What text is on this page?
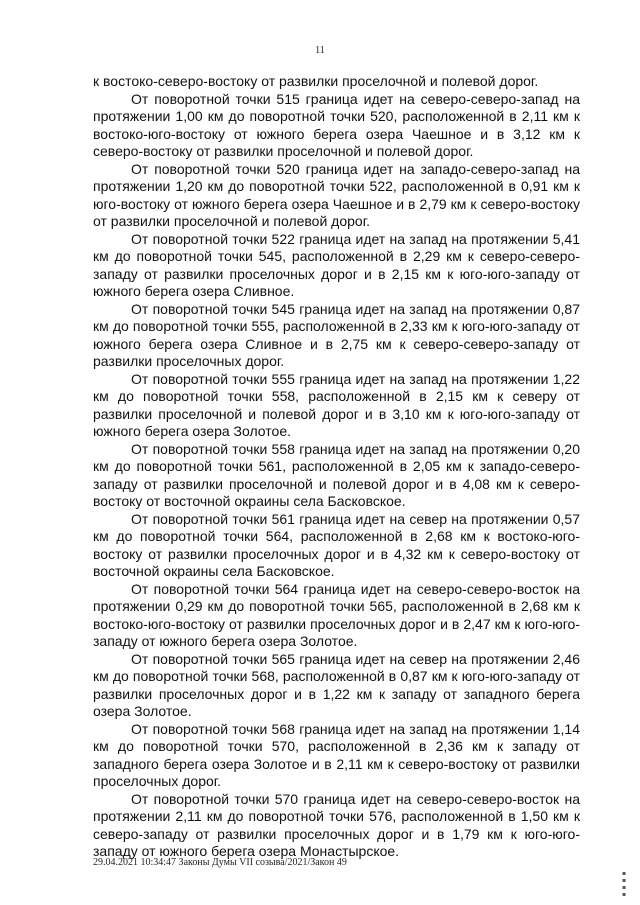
11

к востоко-северо-востоку от развилки проселочной и полевой дорог.

От поворотной точки 515 граница идет на северо-северо-запад на протяжении 1,00 км до поворотной точки 520, расположенной в 2,11 км к востоко-юго-востоку от южного берега озера Чаешное и в 3,12 км к северо-востоку от развилки проселочной и полевой дорог.

От поворотной точки 520 граница идет на западо-северо-запад на протяжении 1,20 км до поворотной точки 522, расположенной в 0,91 км к юго-востоку от южного берега озера Чаешное и в 2,79 км к северо-востоку от развилки проселочной и полевой дорог.

От поворотной точки 522 граница идет на запад на протяжении 5,41 км до поворотной точки 545, расположенной в 2,29 км к северо-северо-западу от развилки проселочных дорог и в 2,15 км к юго-юго-западу от южного берега озера Сливное.

От поворотной точки 545 граница идет на запад на протяжении 0,87 км до поворотной точки 555, расположенной в 2,33 км к юго-юго-западу от южного берега озера Сливное и в 2,75 км к северо-северо-западу от развилки проселочных дорог.

От поворотной точки 555 граница идет на запад на протяжении 1,22 км до поворотной точки 558, расположенной в 2,15 км к северу от развилки проселочной и полевой дорог и в 3,10 км к юго-юго-западу от южного берега озера Золотое.

От поворотной точки 558 граница идет на запад на протяжении 0,20 км до поворотной точки 561, расположенной в 2,05 км к западо-северо-западу от развилки проселочной и полевой дорог и в 4,08 км к северо-востоку от восточной окраины села Басковское.

От поворотной точки 561 граница идет на север на протяжении 0,57 км до поворотной точки 564, расположенной в 2,68 км к востоко-юго-востоку от развилки проселочных дорог и в 4,32 км к северо-востоку от восточной окраины села Басковское.

От поворотной точки 564 граница идет на северо-северо-восток на протяжении 0,29 км до поворотной точки 565, расположенной в 2,68 км к востоко-юго-востоку от развилки проселочных дорог и в 2,47 км к юго-юго-западу от южного берега озера Золотое.

От поворотной точки 565 граница идет на север на протяжении 2,46 км до поворотной точки 568, расположенной в 0,87 км к юго-юго-западу от развилки проселочных дорог и в 1,22 км к западу от западного берега озера Золотое.

От поворотной точки 568 граница идет на запад на протяжении 1,14 км до поворотной точки 570, расположенной в 2,36 км к западу от западного берега озера Золотое и в 2,11 км к северо-востоку от развилки проселочных дорог.

От поворотной точки 570 граница идет на северо-северо-восток на протяжении 2,11 км до поворотной точки 576, расположенной в 1,50 км к северо-западу от развилки проселочных дорог и в 1,79 км к юго-юго-западу от южного берега озера Монастырское.

29.04.2021 10:34:47 Законы Думы VII созыва/2021/Закон 49
▪
▪
▪
▪
